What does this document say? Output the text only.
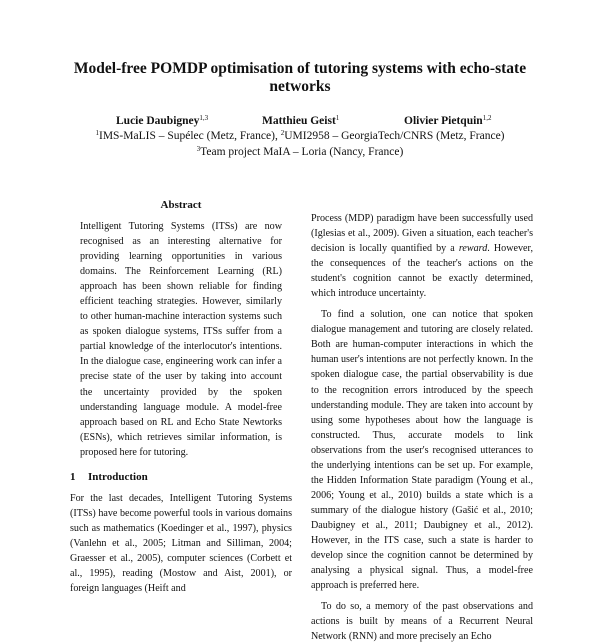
Model-free POMDP optimisation of tutoring systems with echo-state networks
Lucie Daubigney$^{1,3}$	Matthieu Geist$^1$	Olivier Pietquin$^{1,2}$
$^1$IMS-MaLIS – Supélec (Metz, France), $^2$UMI2958 – GeorgiaTech/CNRS (Metz, France)
$^3$Team project MaIA – Loria (Nancy, France)
Abstract

Intelligent Tutoring Systems (ITSs) are now recognised as an interesting alternative for providing learning opportunities in various domains. The Reinforcement Learning (RL) approach has been shown reliable for finding efficient teaching strategies. However, similarly to other human-machine interaction systems such as spoken dialogue systems, ITSs suffer from a partial knowledge of the interlocutor's intentions. In the dialogue case, engineering work can infer a precise state of the user by taking into account the uncertainty provided by the spoken understanding language module. A model-free approach based on RL and Echo State Newtorks (ESNs), which retrieves similar information, is proposed here for tutoring.

1 Introduction

For the last decades, Intelligent Tutoring Systems (ITSs) have become powerful tools in various domains such as mathematics (Koedinger et al., 1997), physics (Vanlehn et al., 2005; Litman and Silliman, 2004; Graesser et al., 2005), computer sciences (Corbett et al., 1995), reading (Mostow and Aist, 2001), or foreign languages (Heift and

Process (MDP) paradigm have been successfully used (Iglesias et al., 2009). Given a situation, each teacher's decision is locally quantified by a reward. However, the consequences of the teacher's actions on the student's cognition cannot be exactly determined, which introduce uncertainty.

To find a solution, one can notice that spoken dialogue management and tutoring are closely related. Both are human-computer interactions in which the human user's intentions are not perfectly known. In the spoken dialogue case, the partial observability is due to the recognition errors introduced by the speech understanding module. They are taken into account by using some hypotheses about how the language is constructed. Thus, accurate models to link observations from the user's recognised utterances to the underlying intentions can be set up. For example, the Hidden Information State paradigm (Young et al., 2006; Young et al., 2010) builds a state which is a summary of the dialogue history (Gašić et al., 2010; Daubigney et al., 2011; Daubigney et al., 2012). However, in the ITS case, such a state is harder to develop since the cognition cannot be determined by analysing a physical signal. Thus, a model-free approach is preferred here.

To do so, a memory of the past observations and actions is built by means of a Recurrent Neural Network (RNN) and more precisely an Echo
